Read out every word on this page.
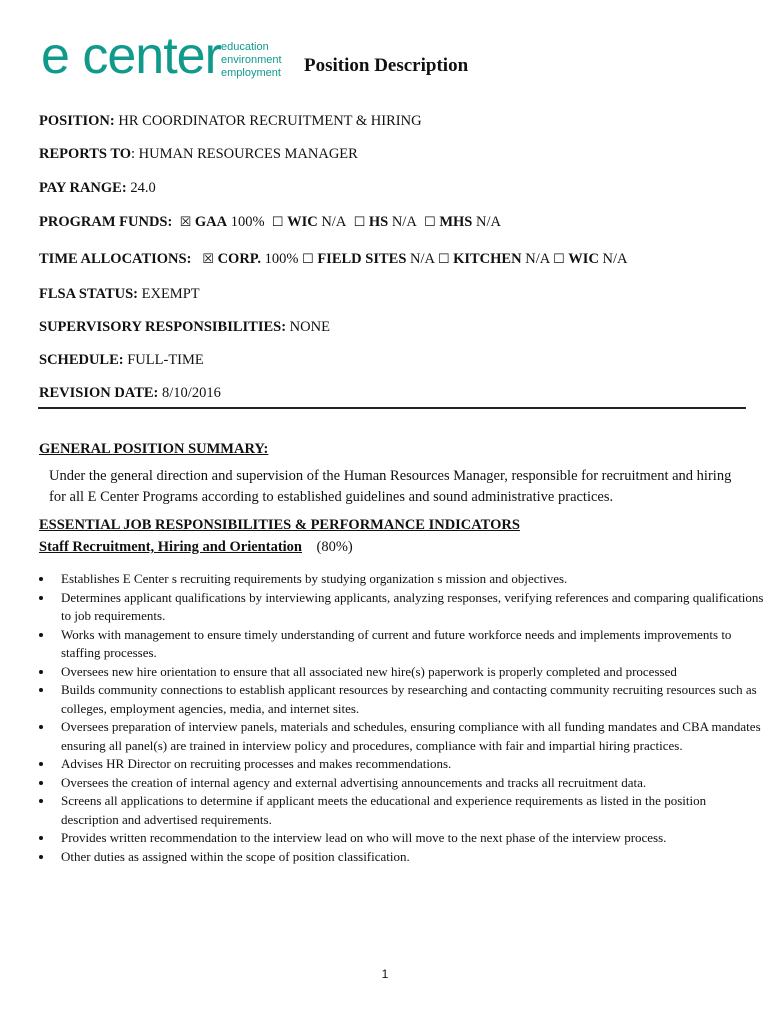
e center education
environment
employment Position Description
POSITION: HR COORDINATOR RECRUITMENT & HIRING
REPORTS TO: HUMAN RESOURCES MANAGER
PAY RANGE: 24.0
PROGRAM FUNDS: ☒ GAA 100% ☐ WIC N/A ☐ HS N/A ☐ MHS N/A
TIME ALLOCATIONS: ☒ CORP. 100% ☐ FIELD SITES N/A ☐ KITCHEN N/A ☐ WIC N/A
FLSA STATUS: EXEMPT
SUPERVISORY RESPONSIBILITIES: NONE
SCHEDULE: FULL-TIME
REVISION DATE: 8/10/2016
GENERAL POSITION SUMMARY:
Under the general direction and supervision of the Human Resources Manager, responsible for recruitment and hiring for all E Center Programs according to established guidelines and sound administrative practices.
ESSENTIAL JOB RESPONSIBILITIES & PERFORMANCE INDICATORS
Staff Recruitment, Hiring and Orientation (80%)
Establishes E Center s recruiting requirements by studying organization s mission and objectives.
Determines applicant qualifications by interviewing applicants, analyzing responses, verifying references and comparing qualifications to job requirements.
Works with management to ensure timely understanding of current and future workforce needs and implements improvements to staffing processes.
Oversees new hire orientation to ensure that all associated new hire(s) paperwork is properly completed and processed
Builds community connections to establish applicant resources by researching and contacting community recruiting resources such as colleges, employment agencies, media, and internet sites.
Oversees preparation of interview panels, materials and schedules, ensuring compliance with all funding mandates and CBA mandates ensuring all panel(s) are trained in interview policy and procedures, compliance with fair and impartial hiring practices.
Advises HR Director on recruiting processes and makes recommendations.
Oversees the creation of internal agency and external advertising announcements and tracks all recruitment data.
Screens all applications to determine if applicant meets the educational and experience requirements as listed in the position description and advertised requirements.
Provides written recommendation to the interview lead on who will move to the next phase of the interview process.
Other duties as assigned within the scope of position classification.
1
